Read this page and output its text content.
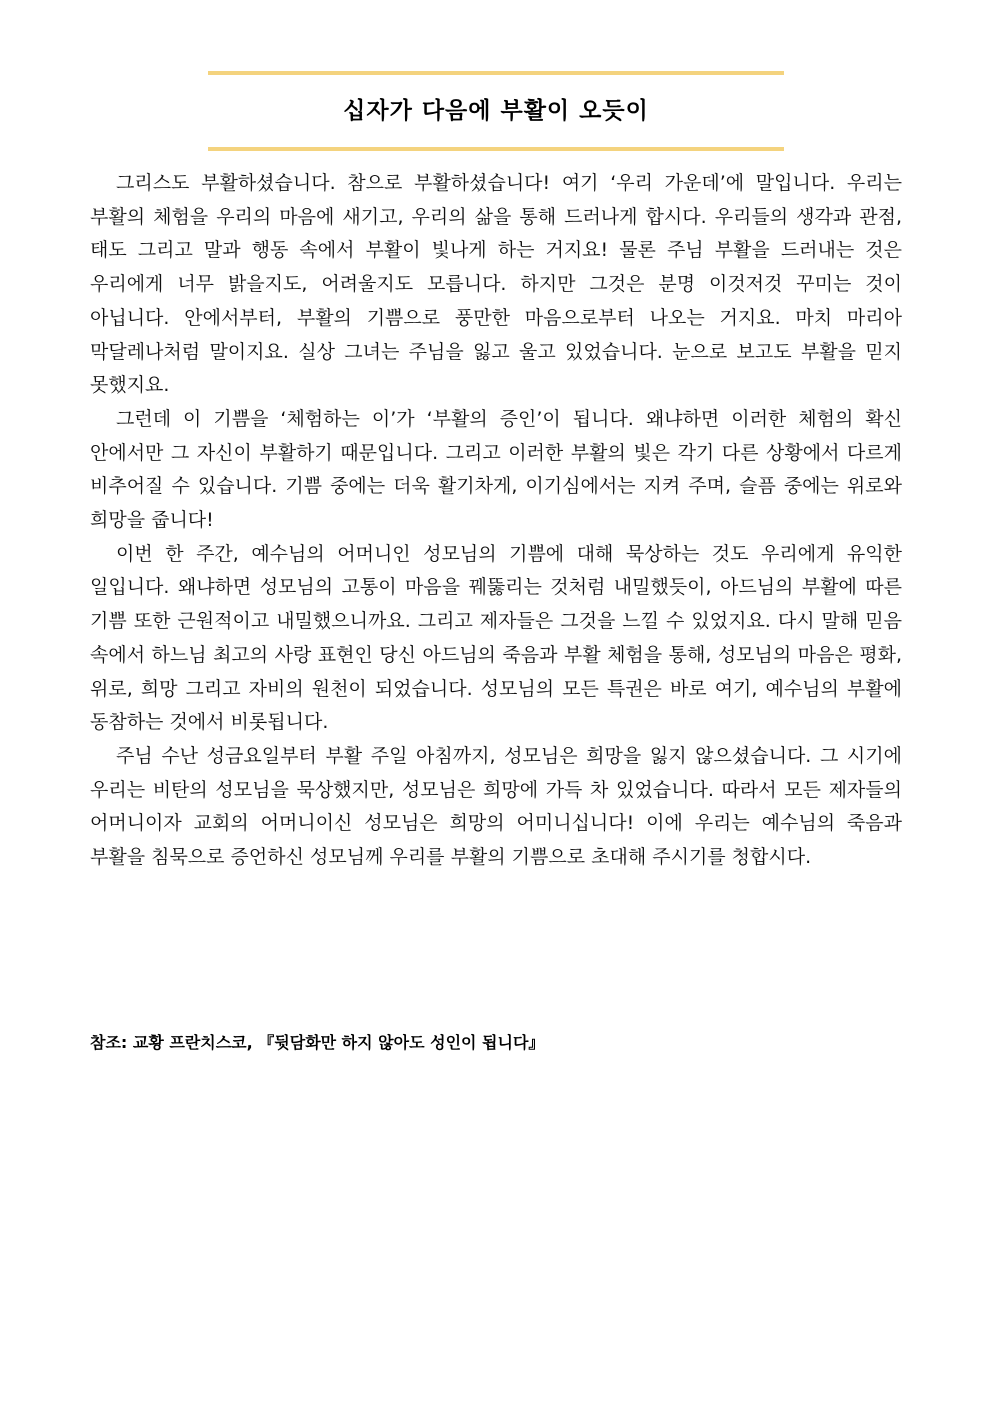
십자가 다음에 부활이 오듯이

그리스도 부활하셨습니다. 참으로 부활하셨습니다! 여기 ‘우리 가운데’에 말입니다. 우리는 부활의 체험을 우리의 마음에 새기고, 우리의 삶을 통해 드러나게 합시다. 우리들의 생각과 관점, 태도 그리고 말과 행동 속에서 부활이 빛나게 하는 거지요! 물론 주님 부활을 드러내는 것은 우리에게 너무 밝을지도, 어려울지도 모릅니다. 하지만 그것은 분명 이것저것 꾸미는 것이 아닙니다. 안에서부터, 부활의 기쁨으로 풍만한 마음으로부터 나오는 거지요. 마치 마리아 막달레나처럼 말이지요. 실상 그녀는 주님을 잃고 울고 있었습니다. 눈으로 보고도 부활을 믿지 못했지요.

그런데 이 기쁨을 ‘체험하는 이’가 ‘부활의 증인’이 됩니다. 왜냐하면 이러한 체험의 확신 안에서만 그 자신이 부활하기 때문입니다. 그리고 이러한 부활의 빛은 각기 다른 상황에서 다르게 비추어질 수 있습니다. 기쁨 중에는 더욱 활기차게, 이기심에서는 지켜 주며, 슬픔 중에는 위로와 희망을 줍니다!

이번 한 주간, 예수님의 어머니인 성모님의 기쁨에 대해 묵상하는 것도 우리에게 유익한 일입니다. 왜냐하면 성모님의 고통이 마음을 꿰뚫리는 것처럼 내밀했듯이, 아드님의 부활에 따른 기쁨 또한 근원적이고 내밀했으니까요. 그리고 제자들은 그것을 느낄 수 있었지요. 다시 말해 믿음 속에서 하느님 최고의 사랑 표현인 당신 아드님의 죽음과 부활 체험을 통해, 성모님의 마음은 평화, 위로, 희망 그리고 자비의 원천이 되었습니다. 성모님의 모든 특권은 바로 여기, 예수님의 부활에 동참하는 것에서 비롯됩니다.

주님 수난 성금요일부터 부활 주일 아침까지, 성모님은 희망을 잃지 않으셨습니다. 그 시기에 우리는 비탄의 성모님을 묵상했지만, 성모님은 희망에 가득 차 있었습니다. 따라서 모든 제자들의 어머니이자 교회의 어머니이신 성모님은 희망의 어미니십니다! 이에 우리는 예수님의 죽음과 부활을 침묵으로 증언하신 성모님께 우리를 부활의 기쁨으로 초대해 주시기를 청합시다.

참조: 교황 프란치스코, 『뒷담화만 하지 않아도 성인이 됩니다』
